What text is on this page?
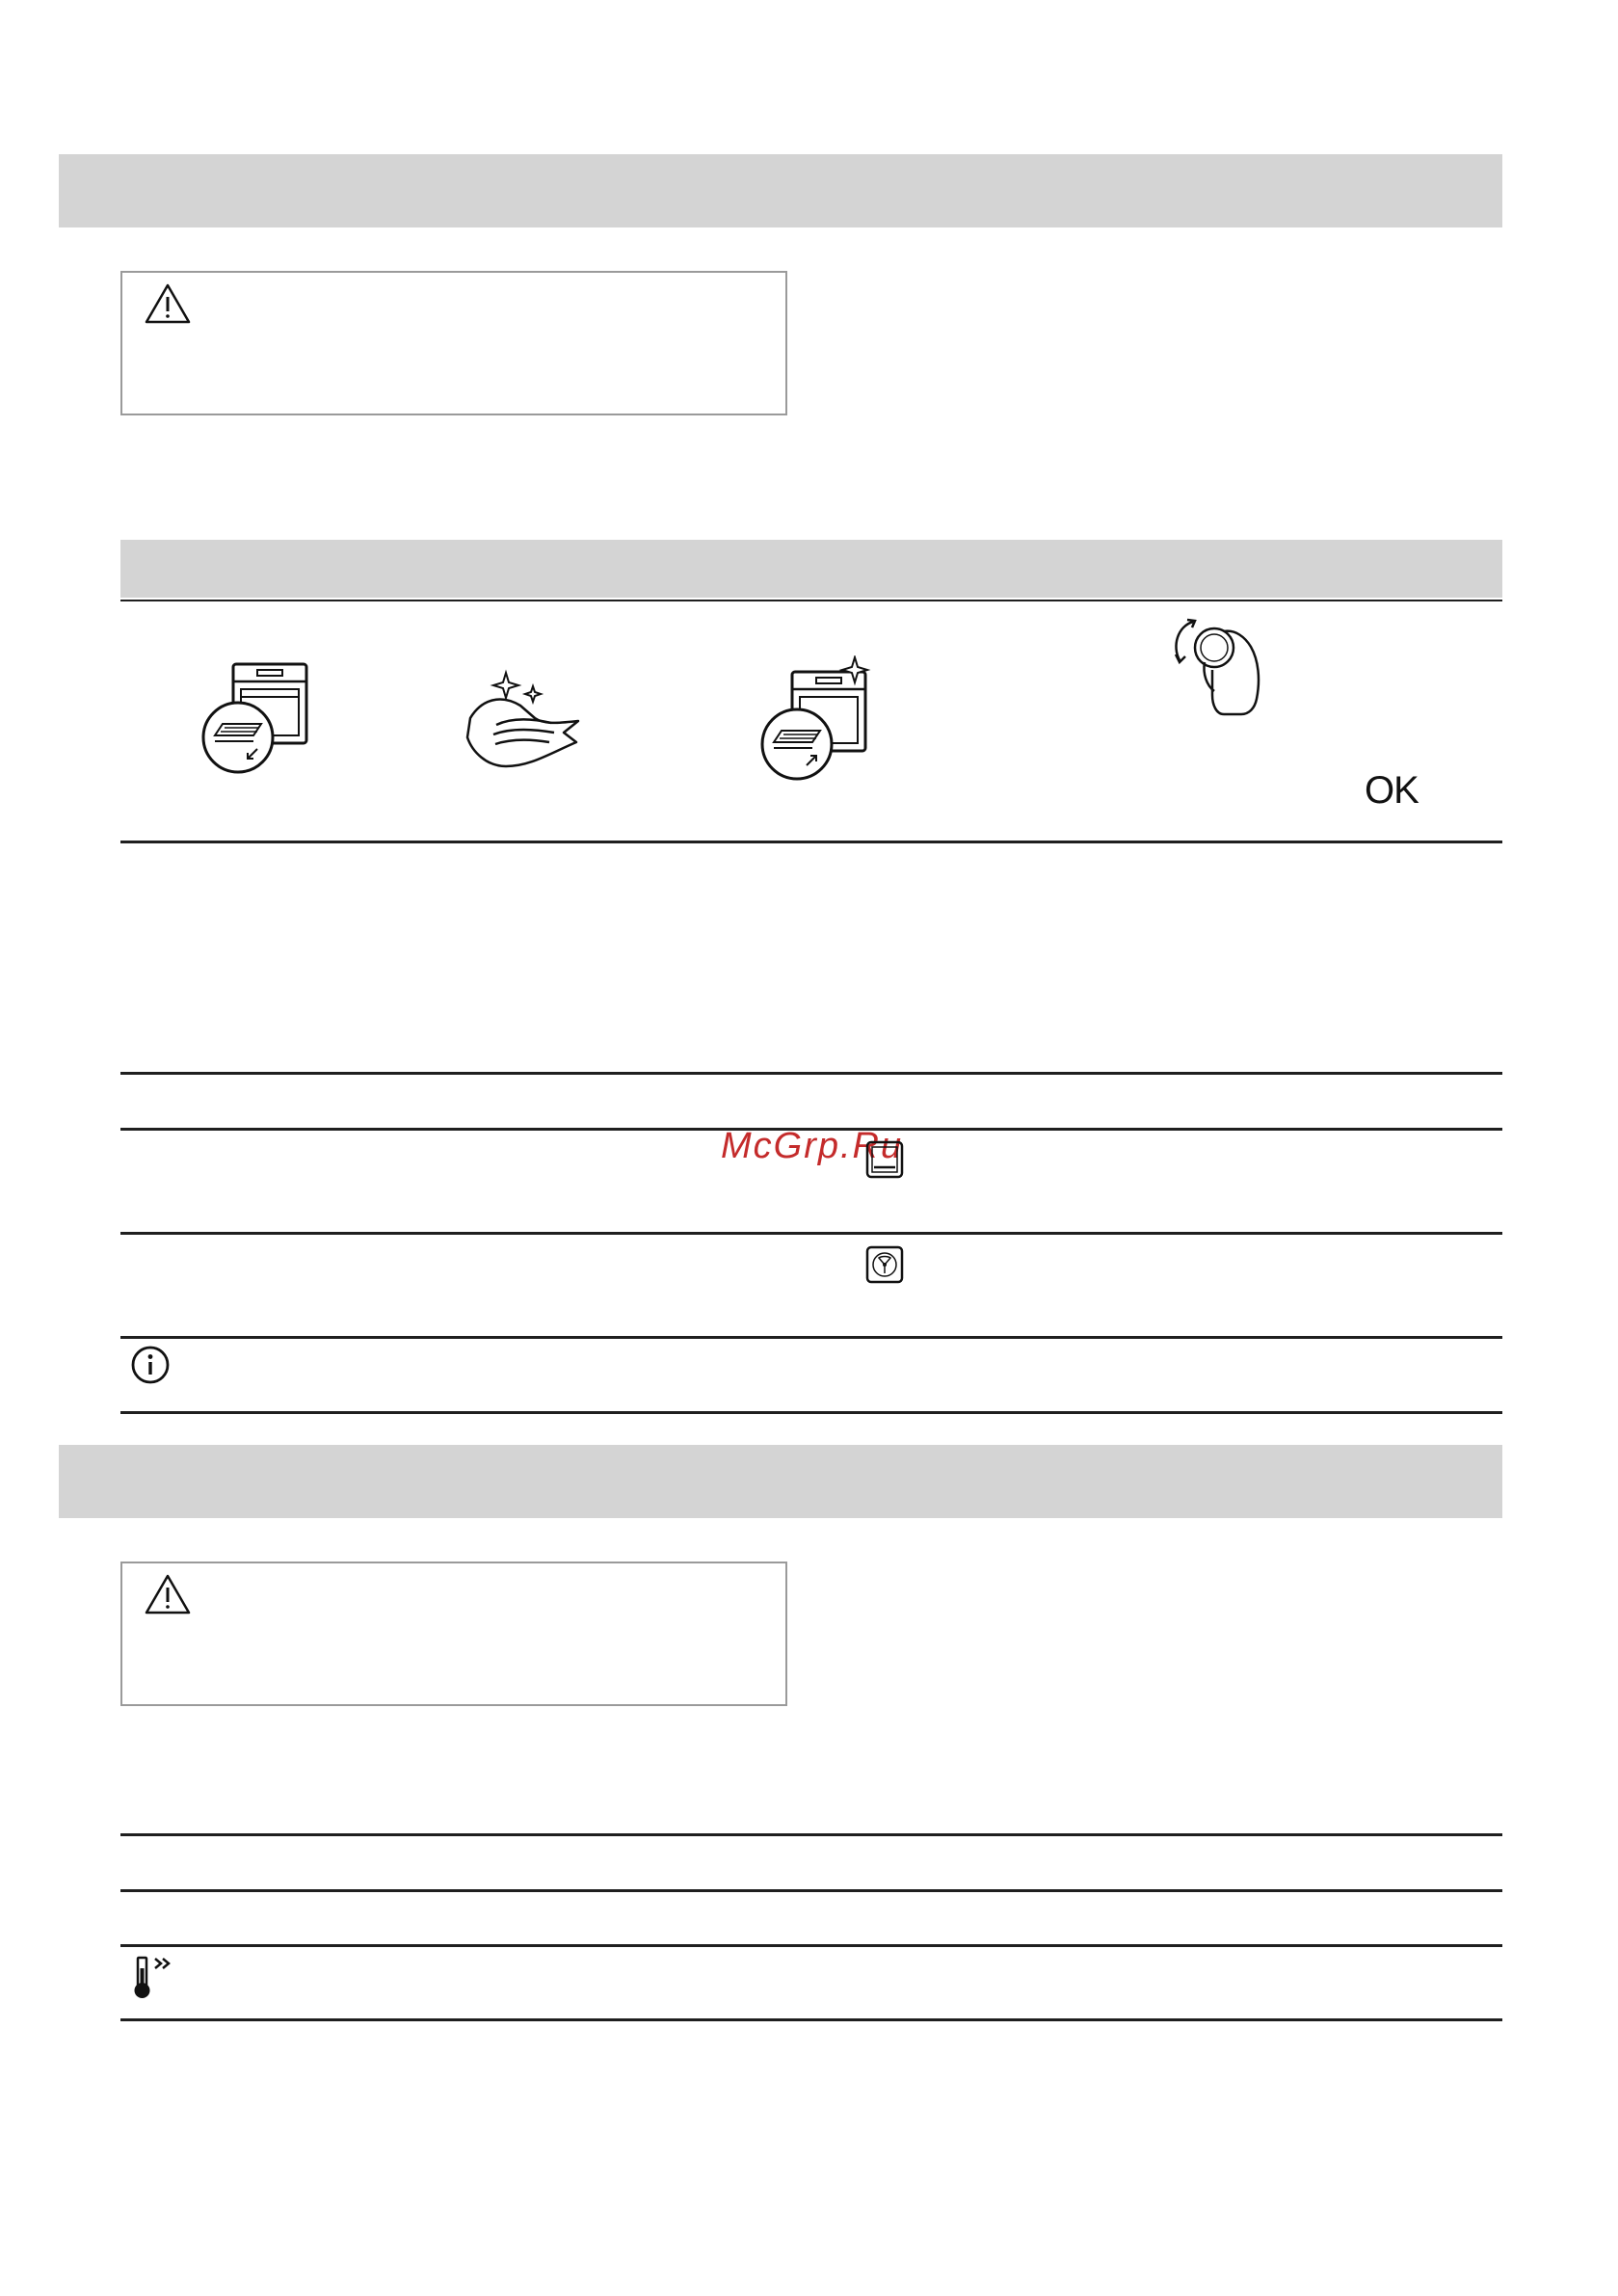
OK
McGrp.Ru
